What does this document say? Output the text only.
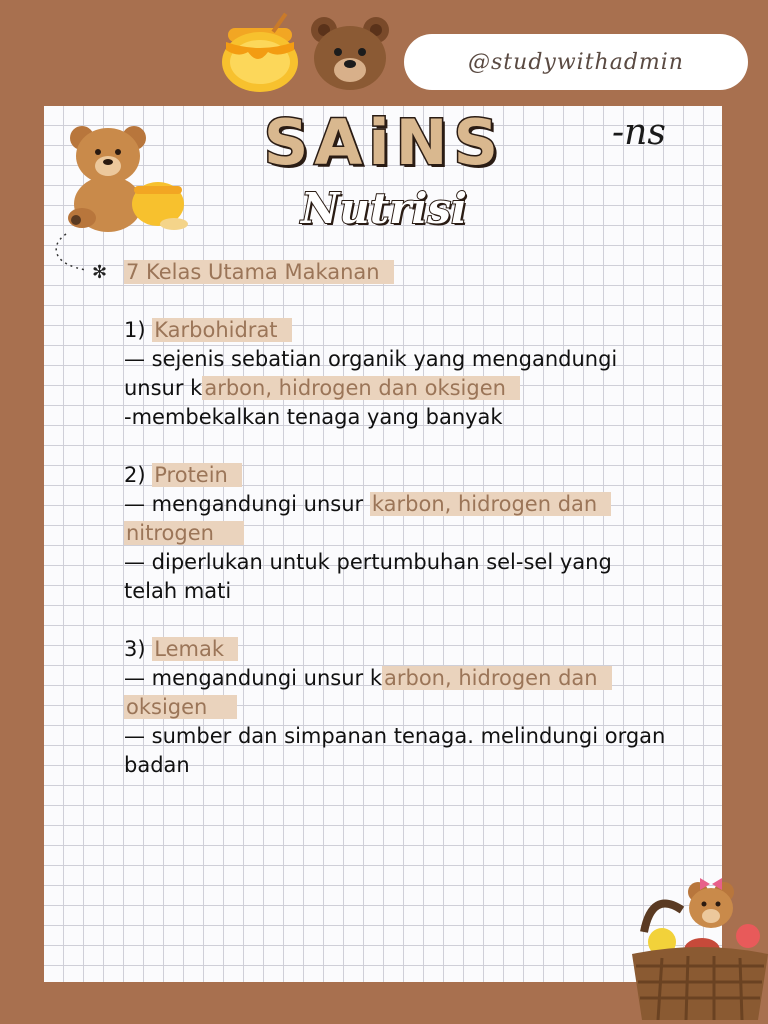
@studywithadmin
SAiNS
Nutrisi
-ns
✻ 7 Kelas Utama Makanan
1) Karbohidrat
— sejenis sebatian organik yang mengandungi
unsur karbon, hidrogen dan oksigen
-membekalkan tenaga yang banyak
2) Protein
— mengandungi unsur karbon, hidrogen dan
nitrogen
— diperlukan untuk pertumbuhan sel-sel yang
telah mati
3) Lemak
— mengandungi unsur karbon, hidrogen dan
oksigen
— sumber dan simpanan tenaga. melindungi organ
badan
